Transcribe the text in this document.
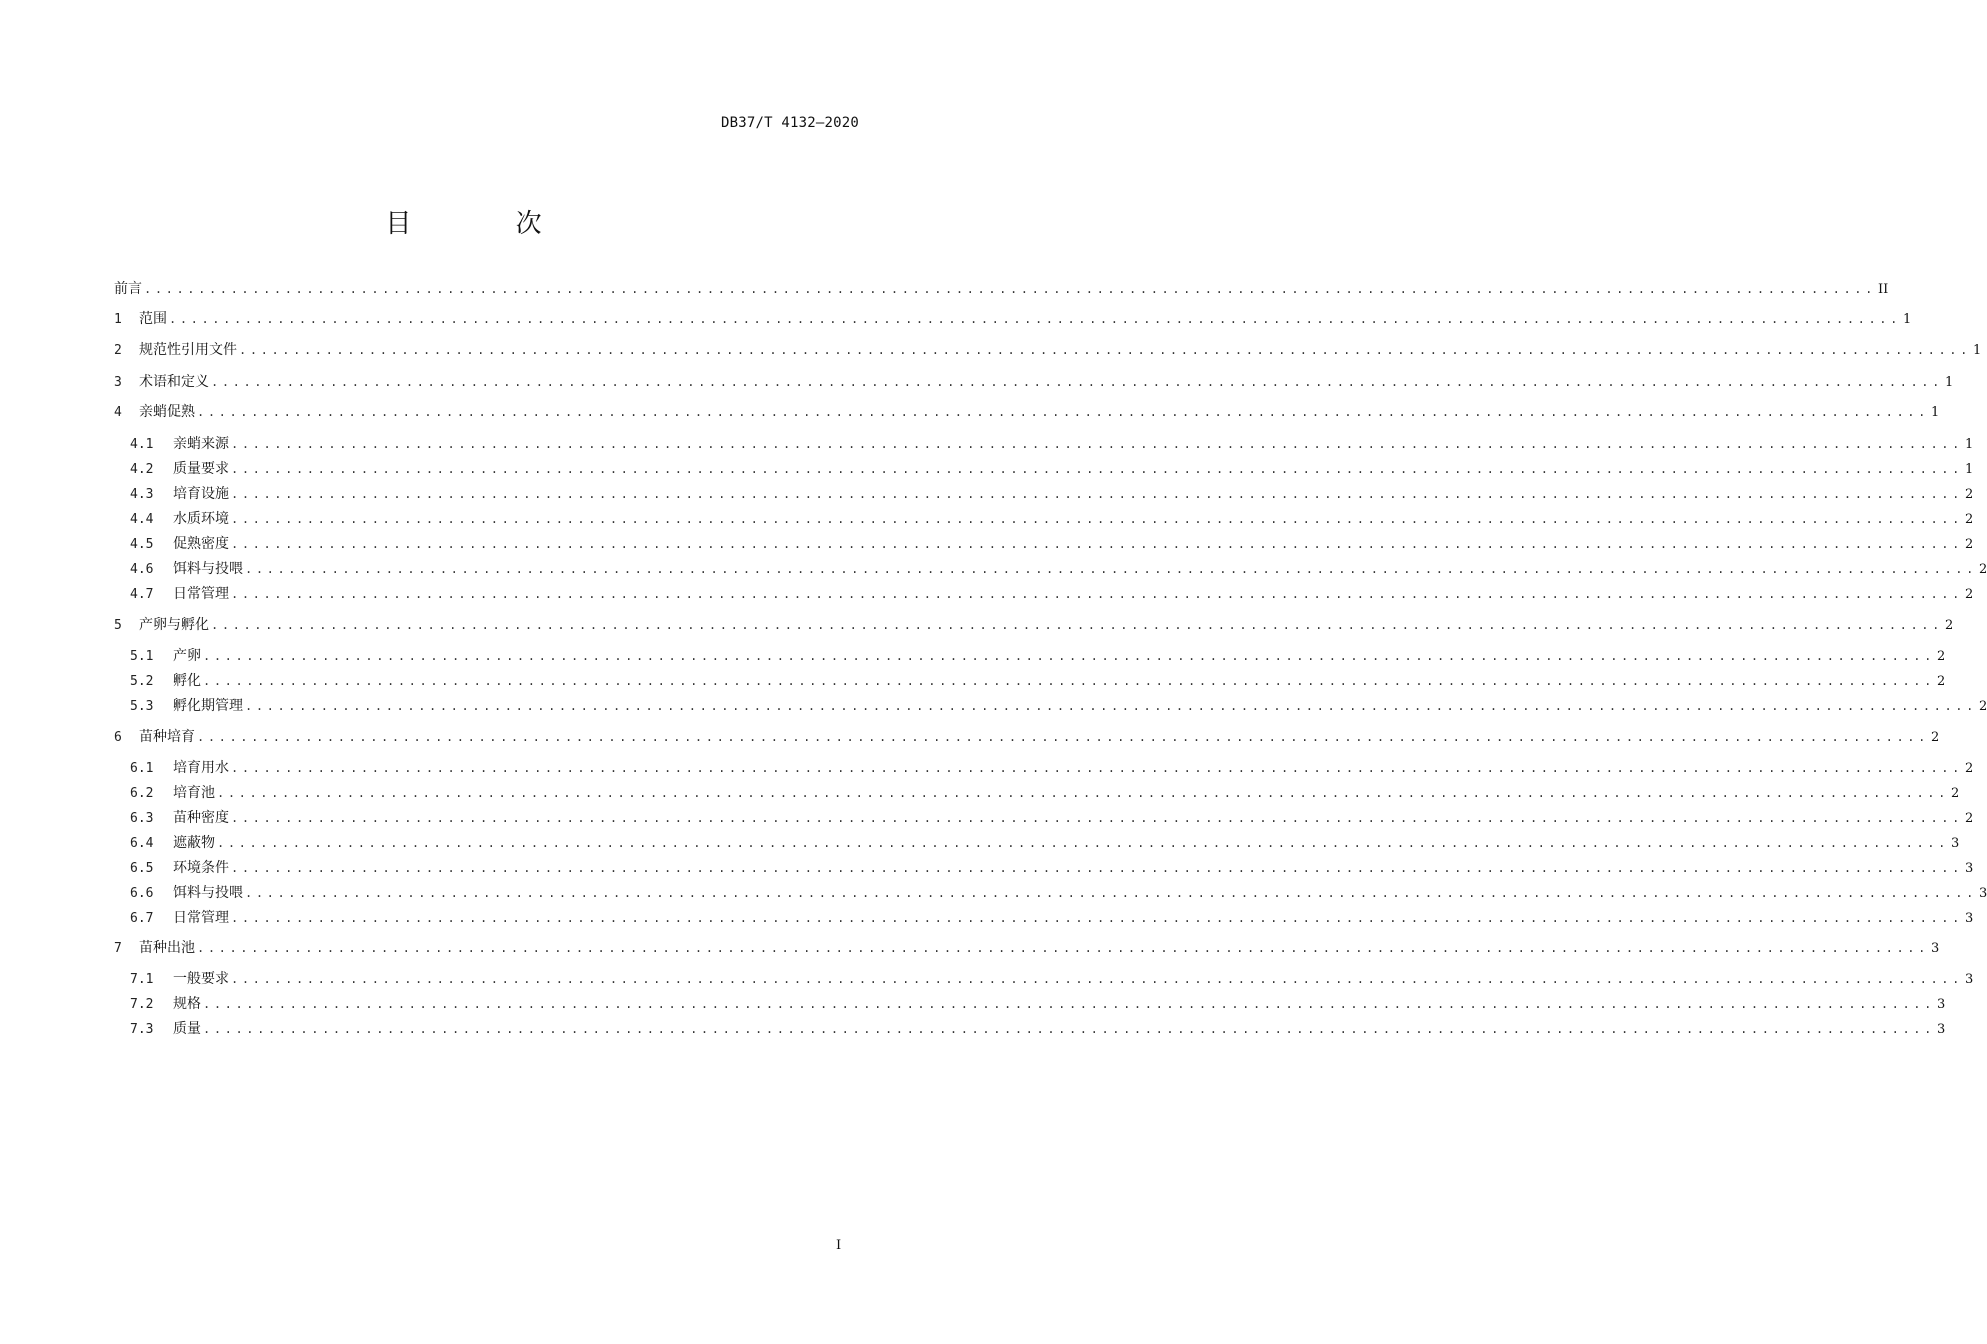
DB37/T 4132—2020
目 次
前言 ................................................................................................................................................................ II
1	范围 ................................................................................................................................................................ 1
2	规范性引用文件 ................................................................................................................................................................ 1
3	术语和定义 ................................................................................................................................................................ 1
4	亲蛸促熟 ................................................................................................................................................................ 1
4.1	亲蛸来源 ................................................................................................................................................................ 1
4.2	质量要求 ................................................................................................................................................................ 1
4.3	培育设施 ................................................................................................................................................................ 2
4.4	水质环境 ................................................................................................................................................................ 2
4.5	促熟密度 ................................................................................................................................................................ 2
4.6	饵料与投喂 ................................................................................................................................................................ 2
4.7	日常管理 ................................................................................................................................................................ 2
5	产卵与孵化 ................................................................................................................................................................ 2
5.1	产卵 ................................................................................................................................................................ 2
5.2	孵化 ................................................................................................................................................................ 2
5.3	孵化期管理 ................................................................................................................................................................ 2
6	苗种培育 ................................................................................................................................................................ 2
6.1	培育用水 ................................................................................................................................................................ 2
6.2	培育池 ................................................................................................................................................................ 2
6.3	苗种密度 ................................................................................................................................................................ 2
6.4	遮蔽物 ................................................................................................................................................................ 3
6.5	环境条件 ................................................................................................................................................................ 3
6.6	饵料与投喂 ................................................................................................................................................................ 3
6.7	日常管理 ................................................................................................................................................................ 3
7	苗种出池 ................................................................................................................................................................ 3
7.1	一般要求 ................................................................................................................................................................ 3
7.2	规格 ................................................................................................................................................................ 3
7.3	质量 ................................................................................................................................................................ 3
I
